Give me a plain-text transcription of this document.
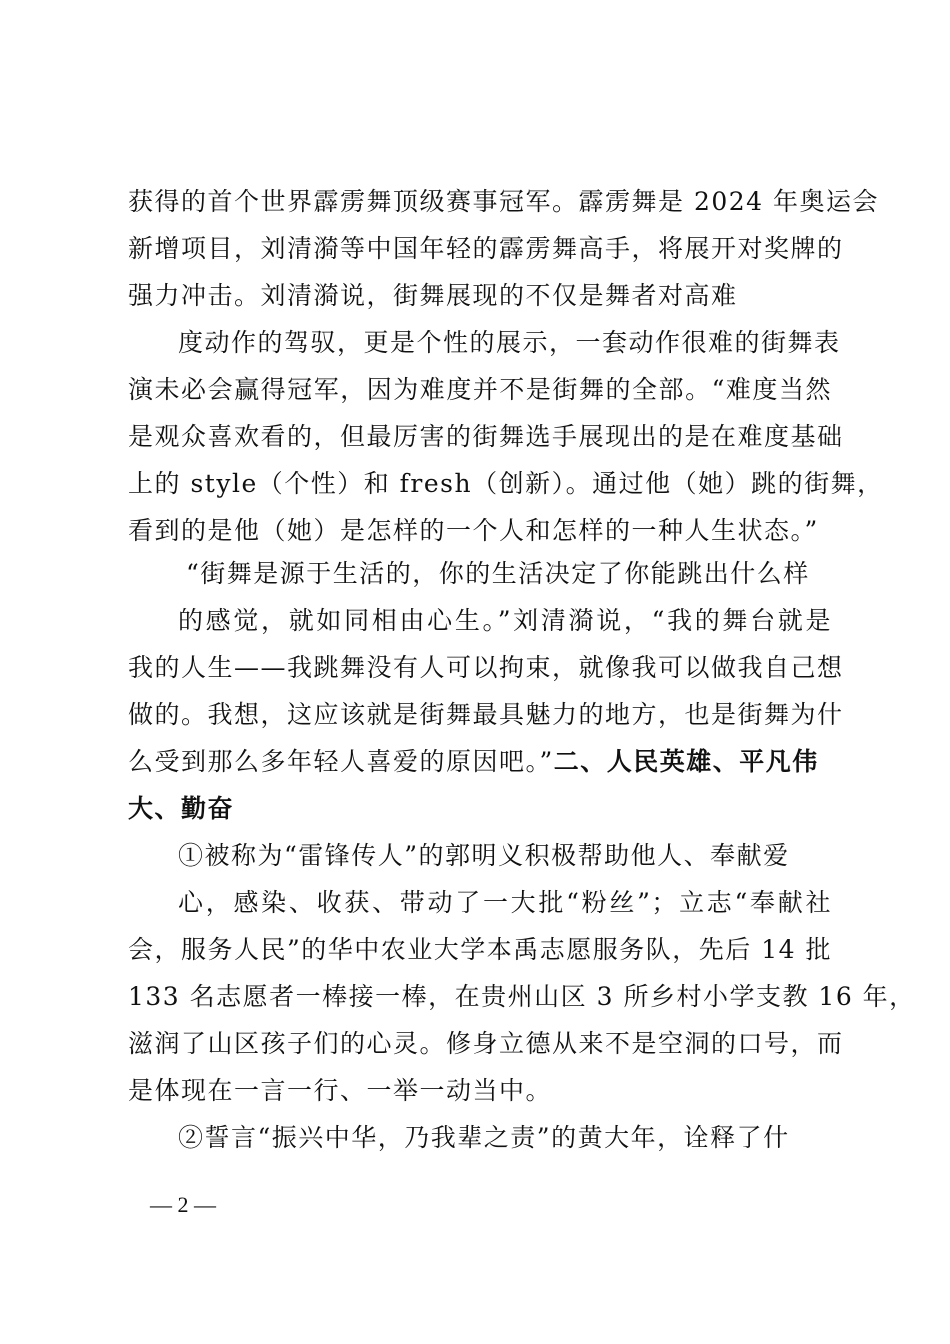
获得的首个世界霹雳舞顶级赛事冠军。霹雳舞是 2024 年奥运会
新增项目，刘清漪等中国年轻的霹雳舞高手，将展开对奖牌的
强力冲击。刘清漪说，街舞展现的不仅是舞者对高难
度动作的驾驭，更是个性的展示，一套动作很难的街舞表
演未必会赢得冠军，因为难度并不是街舞的全部。“难度当然
是观众喜欢看的，但最厉害的街舞选手展现出的是在难度基础
上的 style（个性）和 fresh（创新）。通过他（她）跳的街舞，
看到的是他（她）是怎样的一个人和怎样的一种人生状态。”
“街舞是源于生活的，你的生活决定了你能跳出什么样
的感觉，就如同相由心生。”刘清漪说，“我的舞台就是
我的人生——我跳舞没有人可以拘束，就像我可以做我自己想
做的。我想，这应该就是街舞最具魅力的地方，也是街舞为什
么受到那么多年轻人喜爱的原因吧。”二、人民英雄、平凡伟
大、勤奋
①被称为“雷锋传人”的郭明义积极帮助他人、奉献爱
心，感染、收获、带动了一大批“粉丝”；立志“奉献社
会，服务人民”的华中农业大学本禹志愿服务队，先后 14 批
133 名志愿者一棒接一棒，在贵州山区 3 所乡村小学支教 16 年，
滋润了山区孩子们的心灵。修身立德从来不是空洞的口号，而
是体现在一言一行、一举一动当中。
②誓言“振兴中华，乃我辈之责”的黄大年，诠释了什
— 2 —
